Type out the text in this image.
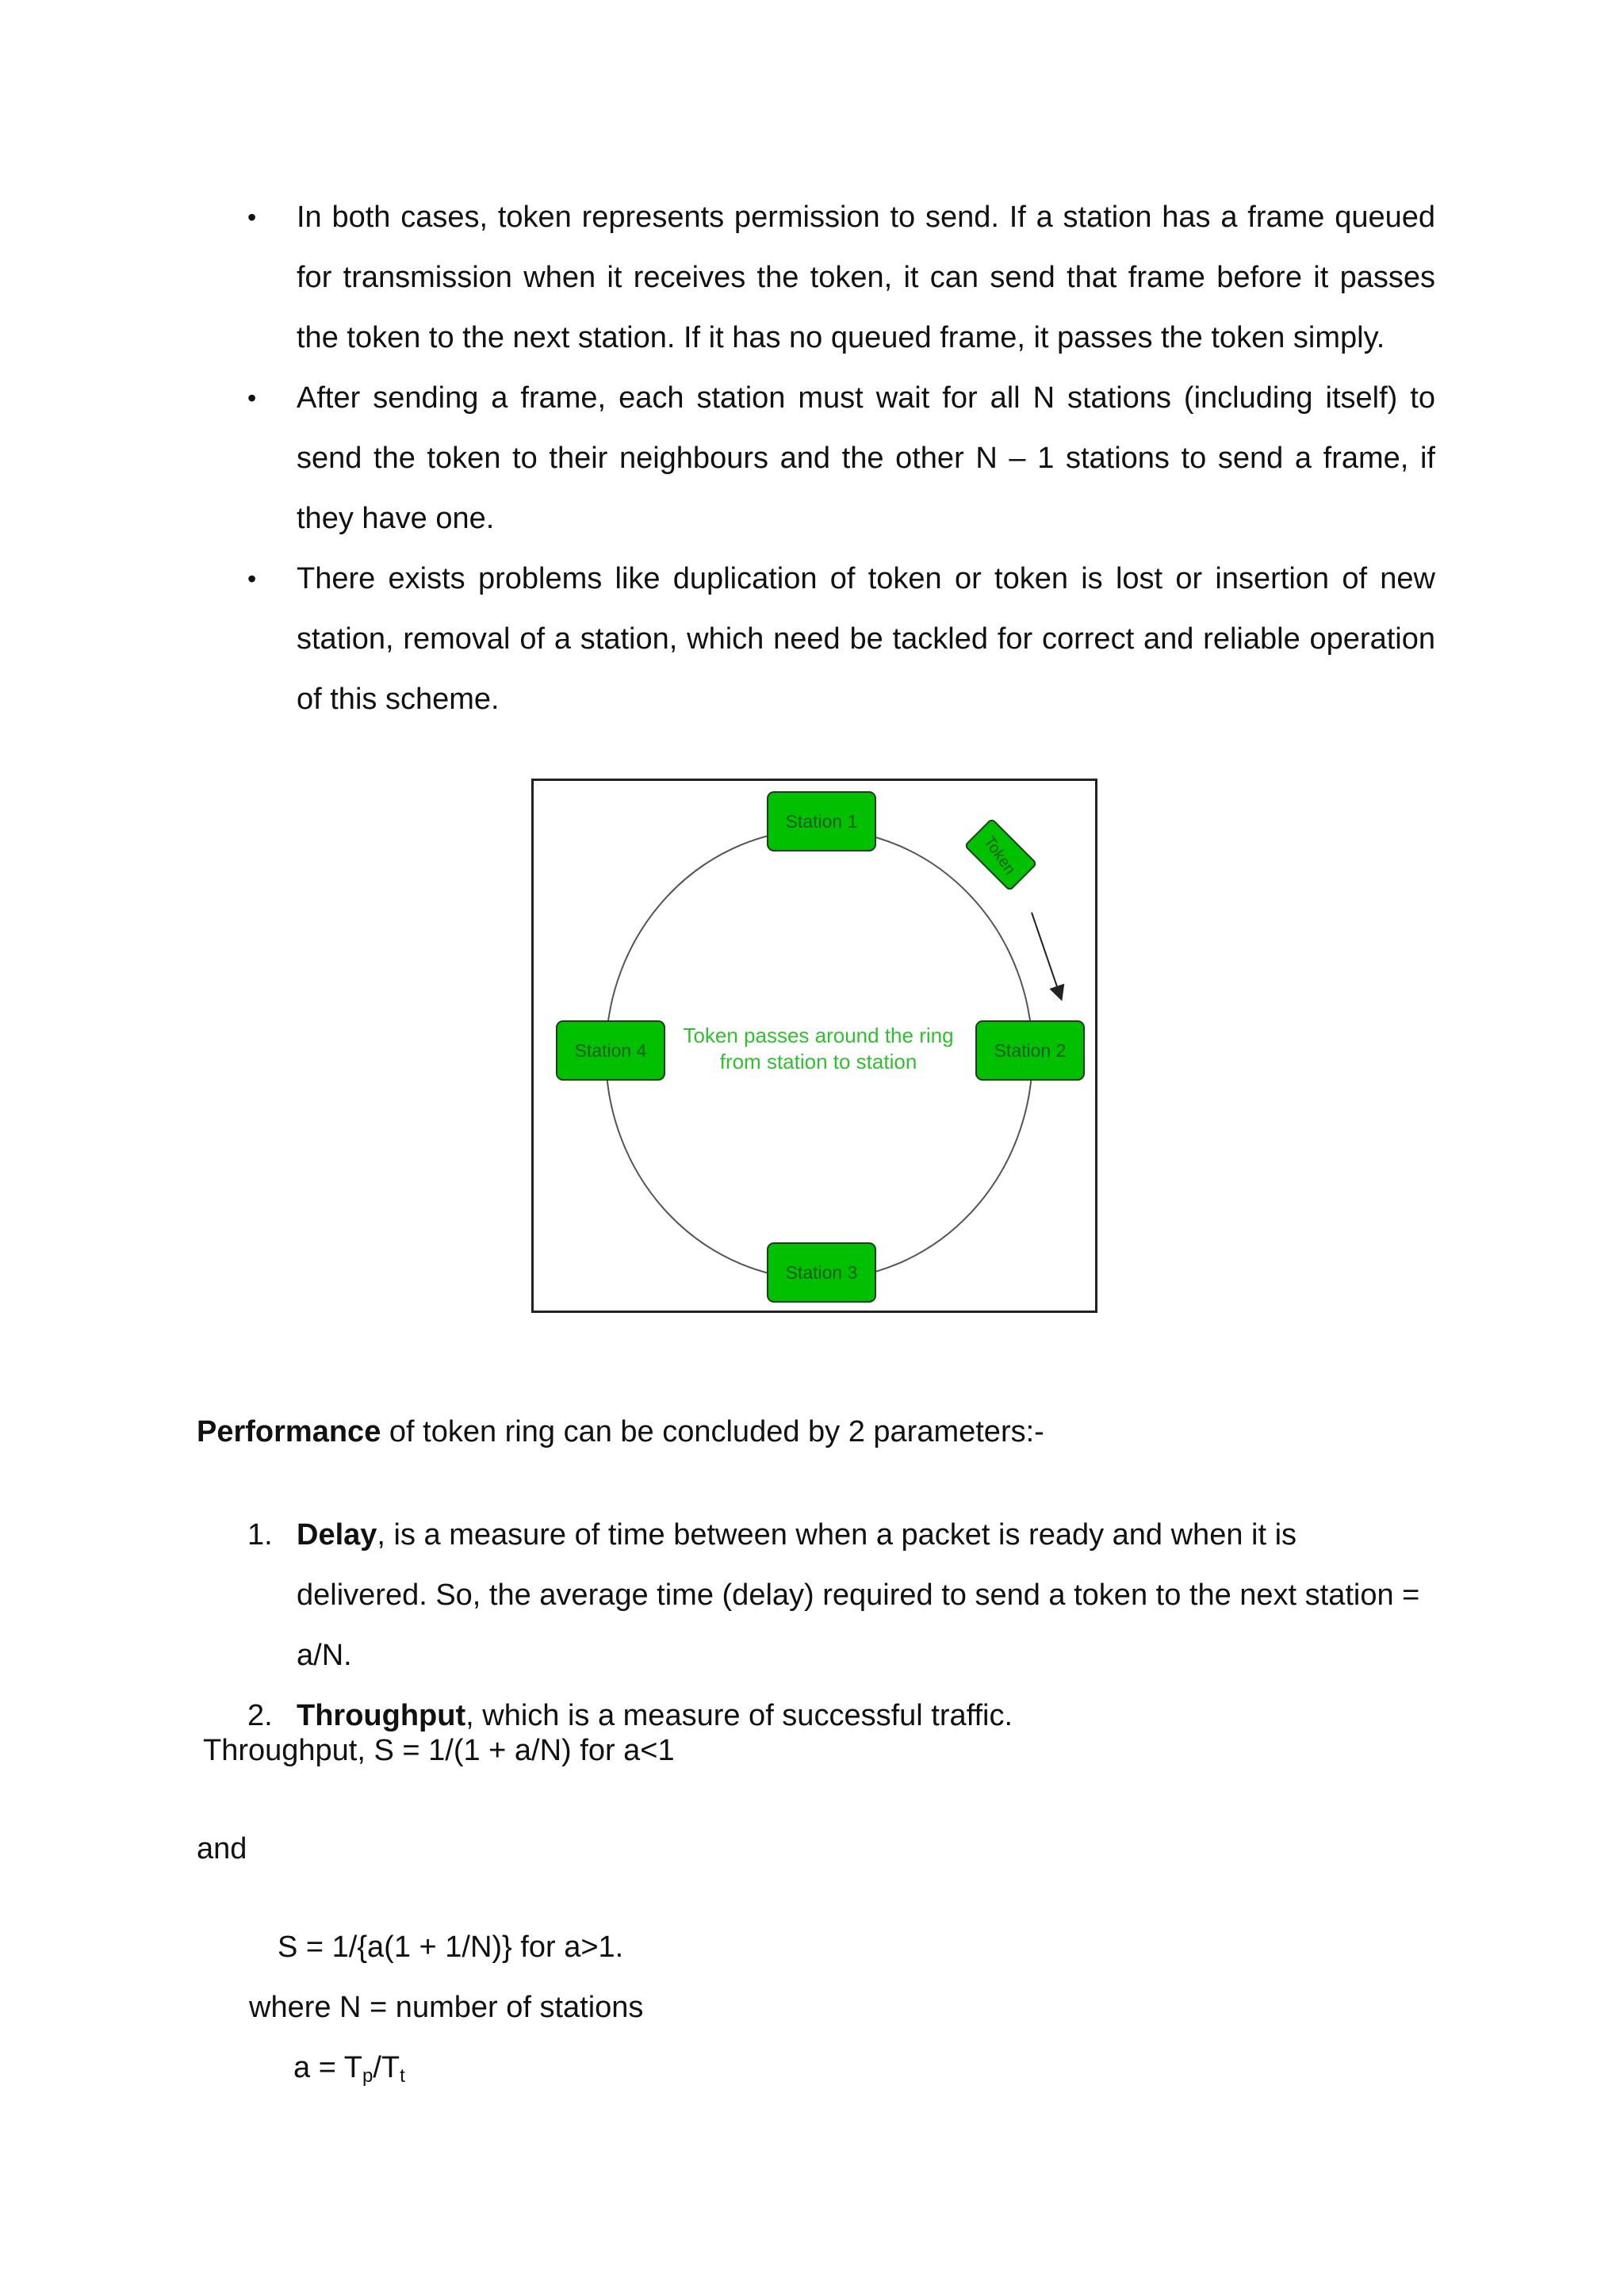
• In both cases, token represents permission to send. If a station has a frame queued for transmission when it receives the token, it can send that frame before it passes the token to the next station. If it has no queued frame, it passes the token simply.
• After sending a frame, each station must wait for all N stations (including itself) to send the token to their neighbours and the other N – 1 stations to send a frame, if they have one.
• There exists problems like duplication of token or token is lost or insertion of new station, removal of a station, which need be tackled for correct and reliable operation of this scheme.
Token
Station 1
Station 2
Station 3
Station 4
Token passes around the ring
from station to station

Performance of token ring can be concluded by 2 parameters:-

1. Delay, is a measure of time between when a packet is ready and when it is delivered. So, the average time (delay) required to send a token to the next station = a/N.
2. Throughput, which is a measure of successful traffic.

Throughput, S = 1/(1 + a/N) for a<1

and

S = 1/{a(1 + 1/N)} for a>1.

where N = number of stations

$a = T_p/T_t$
